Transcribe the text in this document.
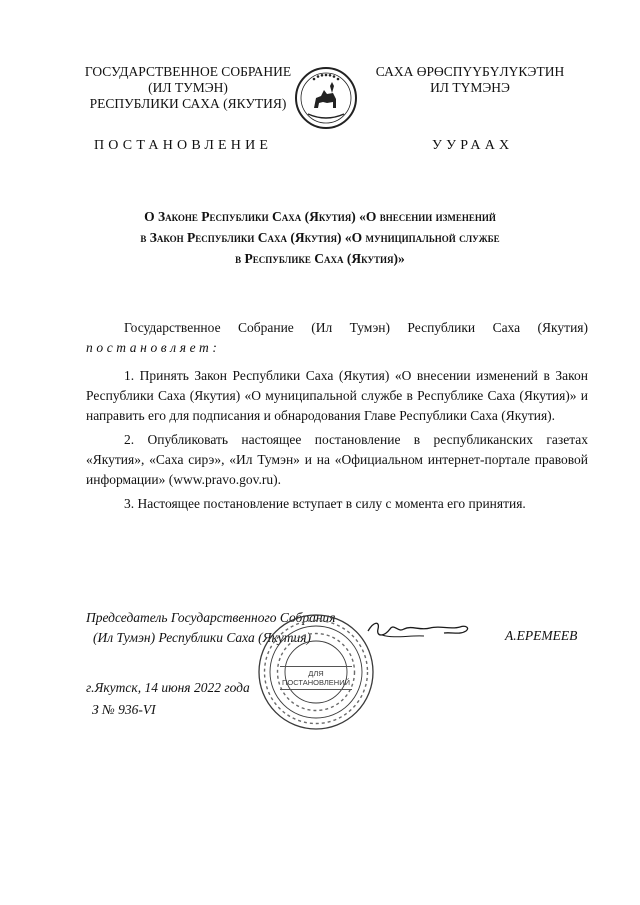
ГОСУДАРСТВЕННОЕ СОБРАНИЕ
(ИЛ ТУМЭН)
РЕСПУБЛИКИ САХА (ЯКУТИЯ)
САХА ӨРӨСПҮҮБҮЛҮКЭТИН
ИЛ ТҮМЭНЭ
ПОСТАНОВЛЕНИЕ	УУРААХ
О Законе Республики Саха (Якутия) «О внесении изменений
в Закон Республики Саха (Якутия) «О муниципальной службе
в Республике Саха (Якутия)»

Государственное Собрание (Ил Тумэн) Республики Саха (Якутия)

постановляет:

1. Принять Закон Республики Саха (Якутия) «О внесении изменений в Закон Республики Саха (Якутия) «О муниципальной службе в Республике Саха (Якутия)» и направить его для подписания и обнародования Главе Республики Саха (Якутия).

2. Опубликовать настоящее постановление в республиканских газетах «Якутия», «Саха сирэ», «Ил Тумэн» и на «Официальном интернет-портале правовой информации» (www.pravo.gov.ru).

3. Настоящее постановление вступает в силу с момента его принятия.

Председатель Государственного Собрания
(Ил Тумэн) Республики Саха (Якутия)	А.ЕРЕМЕЕВ
г.Якутск, 14 июня 2022 года
З № 936-VI
ДЛЯ
ПОСТАНОВЛЕНИЙ
